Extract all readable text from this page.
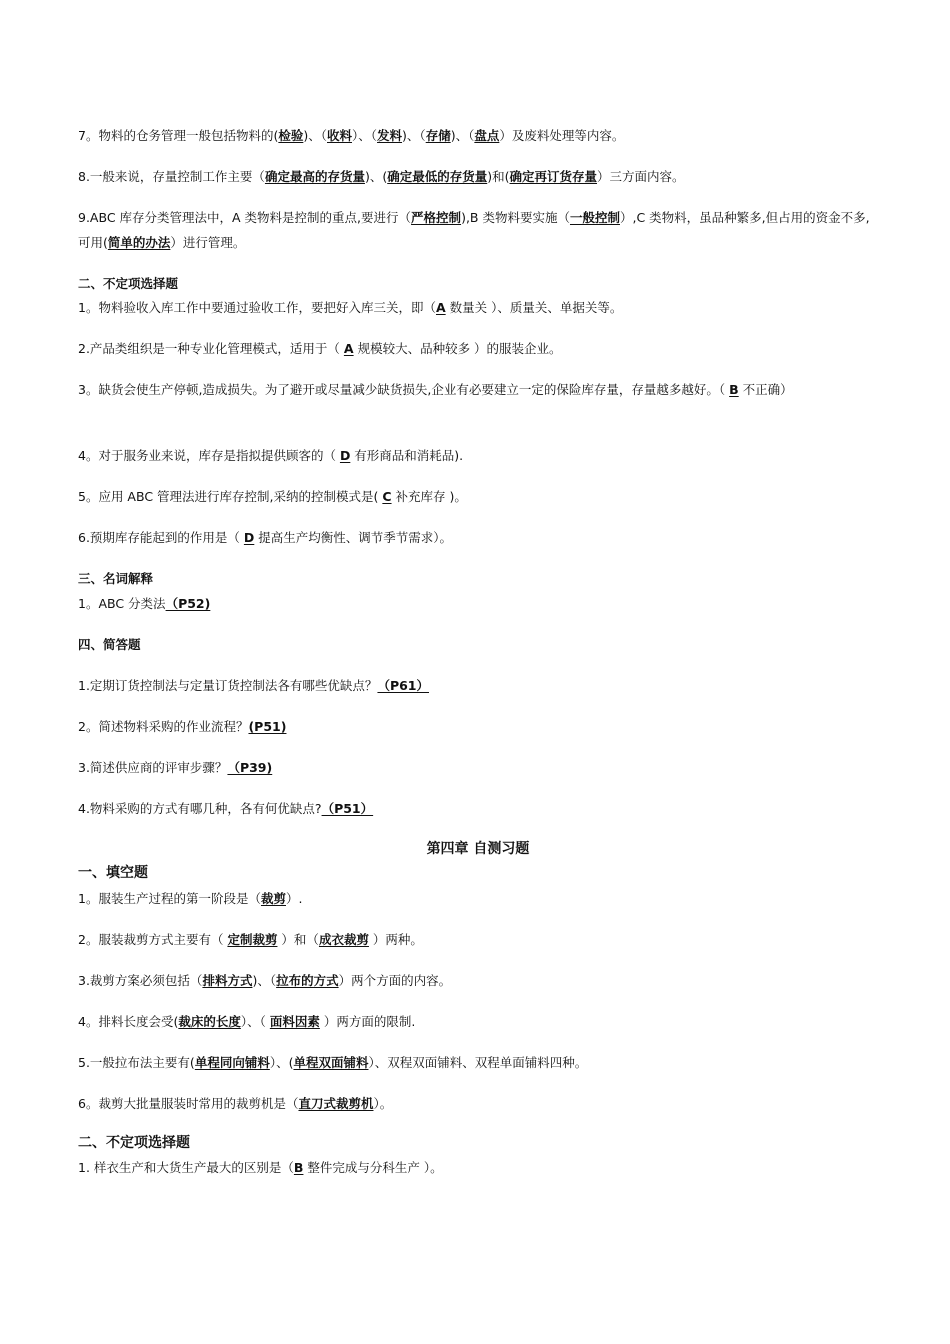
7。物料的仓务管理一般包括物料的(检验)、（收料）、（发料)、（存储)、（盘点）及废料处理等内容。
8.一般来说，存量控制工作主要（确定最高的存货量)、(确定最低的存货量)和(确定再订货存量）三方面内容。
9.ABC 库存分类管理法中，A 类物料是控制的重点,要进行（严格控制),B 类物料要实施（一般控制）,C 类物料，虽品种繁多,但占用的资金不多,可用(简单的办法）进行管理。
二、不定项选择题
1。物料验收入库工作中要通过验收工作，要把好入库三关，即（A 数量关 ）、质量关、单据关等。
2.产品类组织是一种专业化管理模式，适用于（ A 规模较大、品种较多 ）的服装企业。
3。缺货会使生产停顿,造成损失。为了避开或尽量减少缺货损失,企业有必要建立一定的保险库存量，存量越多越好。（ B 不正确）
4。对于服务业来说，库存是指拟提供顾客的（ D 有形商品和消耗品).
5。应用 ABC 管理法进行库存控制,采纳的控制模式是( C 补充库存 )。
6.预期库存能起到的作用是（ D 提高生产均衡性、调节季节需求）。
三、名词解释
1。ABC 分类法（P52)
四、简答题
1.定期订货控制法与定量订货控制法各有哪些优缺点？（P61）
2。简述物料采购的作业流程？(P51)
3.简述供应商的评审步骤？（P39)
4.物料采购的方式有哪几种，各有何优缺点?（P51）
第四章 自测习题
一、填空题
1。服装生产过程的第一阶段是（裁剪）.
2。服装裁剪方式主要有（ 定制裁剪 ）和（成衣裁剪 ）两种。
3.裁剪方案必须包括（排料方式)、（拉布的方式）两个方面的内容。
4。排料长度会受(裁床的长度）、（ 面料因素 ）两方面的限制.
5.一般拉布法主要有(单程同向铺料）、(单程双面铺料）、双程双面铺料、双程单面铺料四种。
6。裁剪大批量服装时常用的裁剪机是（直刀式裁剪机）。
二、不定项选择题
1. 样衣生产和大货生产最大的区别是（B 整件完成与分科生产 ）。
